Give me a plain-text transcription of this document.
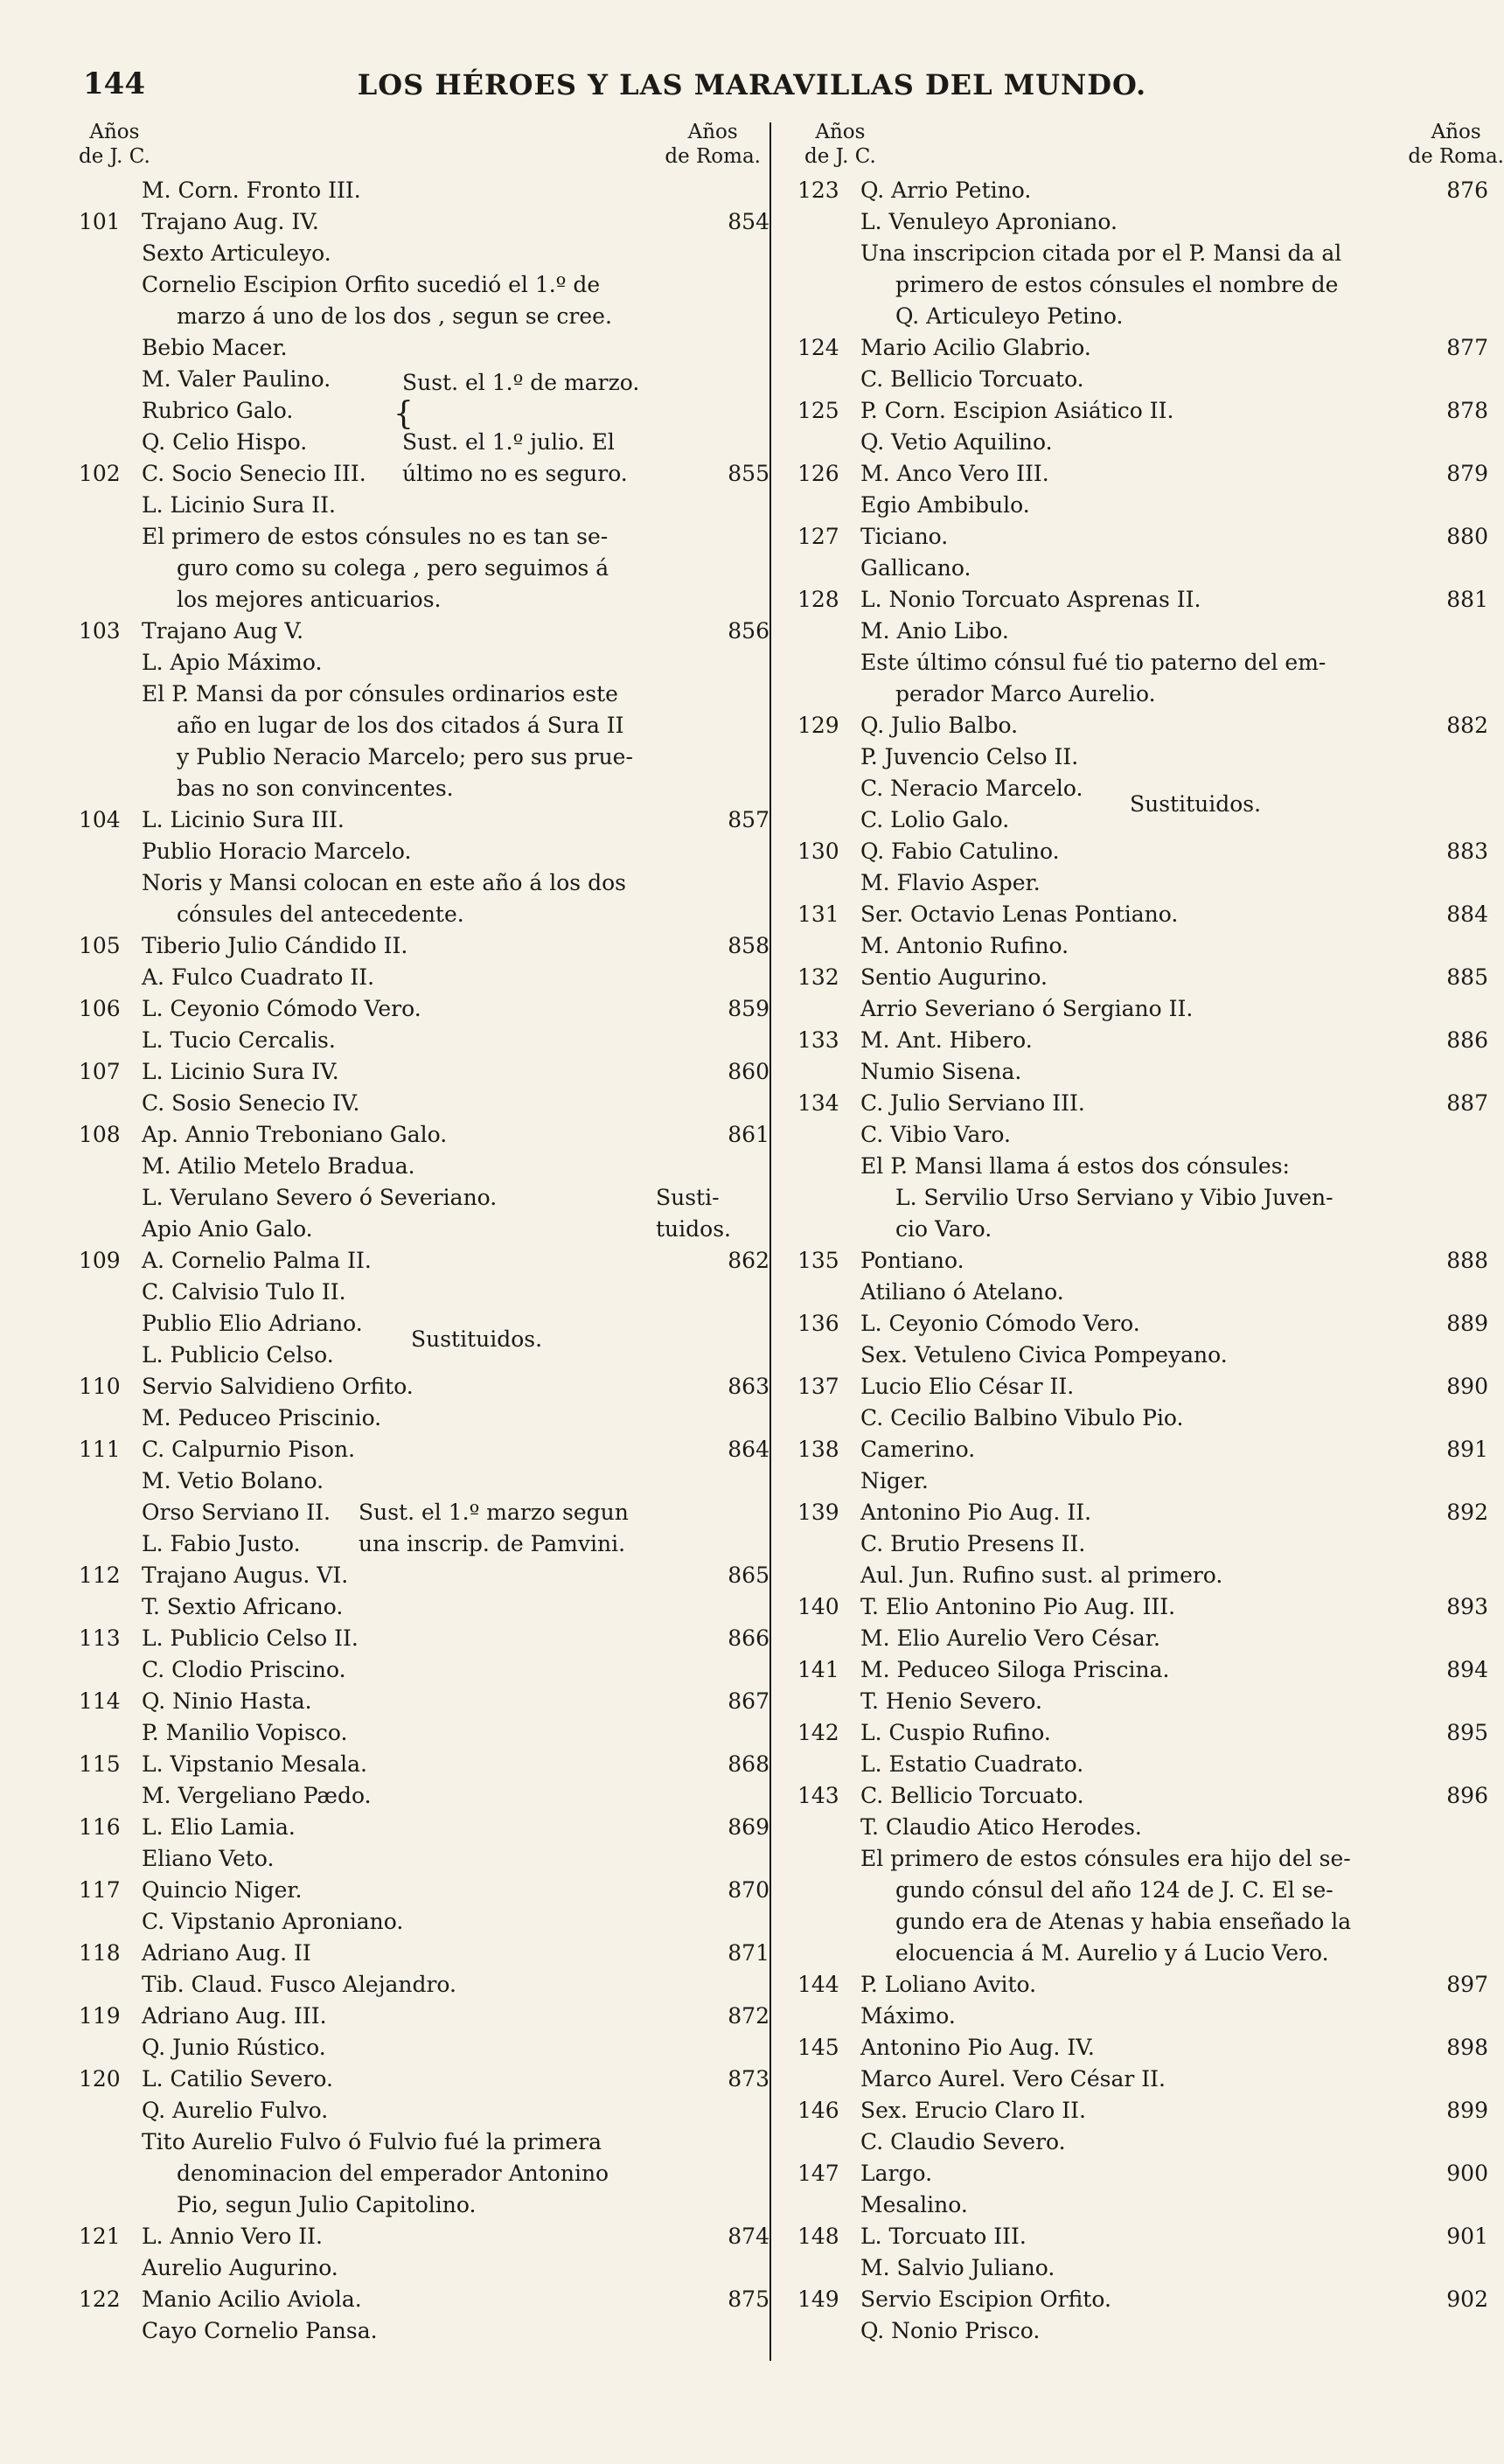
144	LOS HÉROES Y LAS MARAVILLAS DEL MUNDO.
Años
de J. C.
Años
de Roma.
Años
de J. C.
Años
de Roma.
M. Corn. Fronto III.
101 Trajano Aug. IV.	854
Sexto Articuleyo.
Cornelio Escipion Orfito sucedió el 1.º de
marzo á uno de los dos , segun se cree.
Bebio Macer.
M. Valer Paulino.
Rubrico Galo.
Q. Celio Hispo.
102 C. Socio Senecio III.	855
L. Licinio Sura II.
El primero de estos cónsules no es tan se-
guro como su colega , pero seguimos á
los mejores anticuarios.
103 Trajano Aug V.	856
L. Apio Máximo.
El P. Mansi da por cónsules ordinarios este
año en lugar de los dos citados á Sura II
y Publio Neracio Marcelo; pero sus prue-
bas no son convincentes.
104 L. Licinio Sura III.	857
Publio Horacio Marcelo.
Noris y Mansi colocan en este año á los dos
cónsules del antecedente.
105 Tiberio Julio Cándido II.	858
A. Fulco Cuadrato II.
106 L. Ceyonio Cómodo Vero.	859
L. Tucio Cercalis.
107 L. Licinio Sura IV.	860
C. Sosio Senecio IV.
108 Ap. Annio Treboniano Galo.	861
M. Atilio Metelo Bradua.
L. Verulano Severo ó Severiano.
Apio Anio Galo.
109 A. Cornelio Palma II.	862
C. Calvisio Tulo II.
Publio Elio Adriano.
L. Publicio Celso.
110 Servio Salvidieno Orfito.	863
M. Peduceo Priscinio.
111 C. Calpurnio Pison.	864
M. Vetio Bolano.
Orso Serviano II.
L. Fabio Justo.
112 Trajano Augus. VI.	865
T. Sextio Africano.
113 L. Publicio Celso II.	866
C. Clodio Priscino.
114 Q. Ninio Hasta.	867
P. Manilio Vopisco.
115 L. Vipstanio Mesala.	868
M. Vergeliano Pædo.
116 L. Elio Lamia.	869
Eliano Veto.
117 Quincio Niger.	870
C. Vipstanio Aproniano.
118 Adriano Aug. II	871
Tib. Claud. Fusco Alejandro.
119 Adriano Aug. III.	872
Q. Junio Rústico.
120 L. Catilio Severo.	873
Q. Aurelio Fulvo.
Tito Aurelio Fulvo ó Fulvio fué la primera
denominacion del emperador Antonino
Pio, segun Julio Capitolino.
121 L. Annio Vero II.	874
Aurelio Augurino.
122 Manio Acilio Aviola.	875
Cayo Cornelio Pansa.
Sust. el 1.º de marzo.
{
Sust. el 1.º julio. El
último no es seguro.
Susti-
tuidos.
Sustituidos.
Sust. el 1.º marzo segun
una inscrip. de Pamvini.
123 Q. Arrio Petino.	876
L. Venuleyo Aproniano.
Una inscripcion citada por el P. Mansi da al
primero de estos cónsules el nombre de
Q. Articuleyo Petino.
124 Mario Acilio Glabrio.	877
C. Bellicio Torcuato.
125 P. Corn. Escipion Asiático II.	878
Q. Vetio Aquilino.
126 M. Anco Vero III.	879
Egio Ambibulo.
127 Ticiano.	880
Gallicano.
128 L. Nonio Torcuato Asprenas II.	881
M. Anio Libo.
Este último cónsul fué tio paterno del em-
perador Marco Aurelio.
129 Q. Julio Balbo.	882
P. Juvencio Celso II.
C. Neracio Marcelo.
C. Lolio Galo.
130 Q. Fabio Catulino.	883
M. Flavio Asper.
131 Ser. Octavio Lenas Pontiano.	884
M. Antonio Rufino.
132 Sentio Augurino.	885
Arrio Severiano ó Sergiano II.
133 M. Ant. Hibero.	886
Numio Sisena.
134 C. Julio Serviano III.	887
C. Vibio Varo.
El P. Mansi llama á estos dos cónsules:
L. Servilio Urso Serviano y Vibio Juven-
cio Varo.
135 Pontiano.	888
Atiliano ó Atelano.
136 L. Ceyonio Cómodo Vero.	889
Sex. Vetuleno Civica Pompeyano.
137 Lucio Elio César II.	890
C. Cecilio Balbino Vibulo Pio.
138 Camerino.	891
Niger.
139 Antonino Pio Aug. II.	892
C. Brutio Presens II.
Aul. Jun. Rufino sust. al primero.
140 T. Elio Antonino Pio Aug. III.	893
M. Elio Aurelio Vero César.
141 M. Peduceo Siloga Priscina.	894
T. Henio Severo.
142 L. Cuspio Rufino.	895
L. Estatio Cuadrato.
143 C. Bellicio Torcuato.	896
T. Claudio Atico Herodes.
El primero de estos cónsules era hijo del se-
gundo cónsul del año 124 de J. C. El se-
gundo era de Atenas y habia enseñado la
elocuencia á M. Aurelio y á Lucio Vero.
144 P. Loliano Avito.	897
Máximo.
145 Antonino Pio Aug. IV.	898
Marco Aurel. Vero César II.
146 Sex. Erucio Claro II.	899
C. Claudio Severo.
147 Largo.	900
Mesalino.
148 L. Torcuato III.	901
M. Salvio Juliano.
149 Servio Escipion Orfito.	902
Q. Nonio Prisco.
Sustituidos.
